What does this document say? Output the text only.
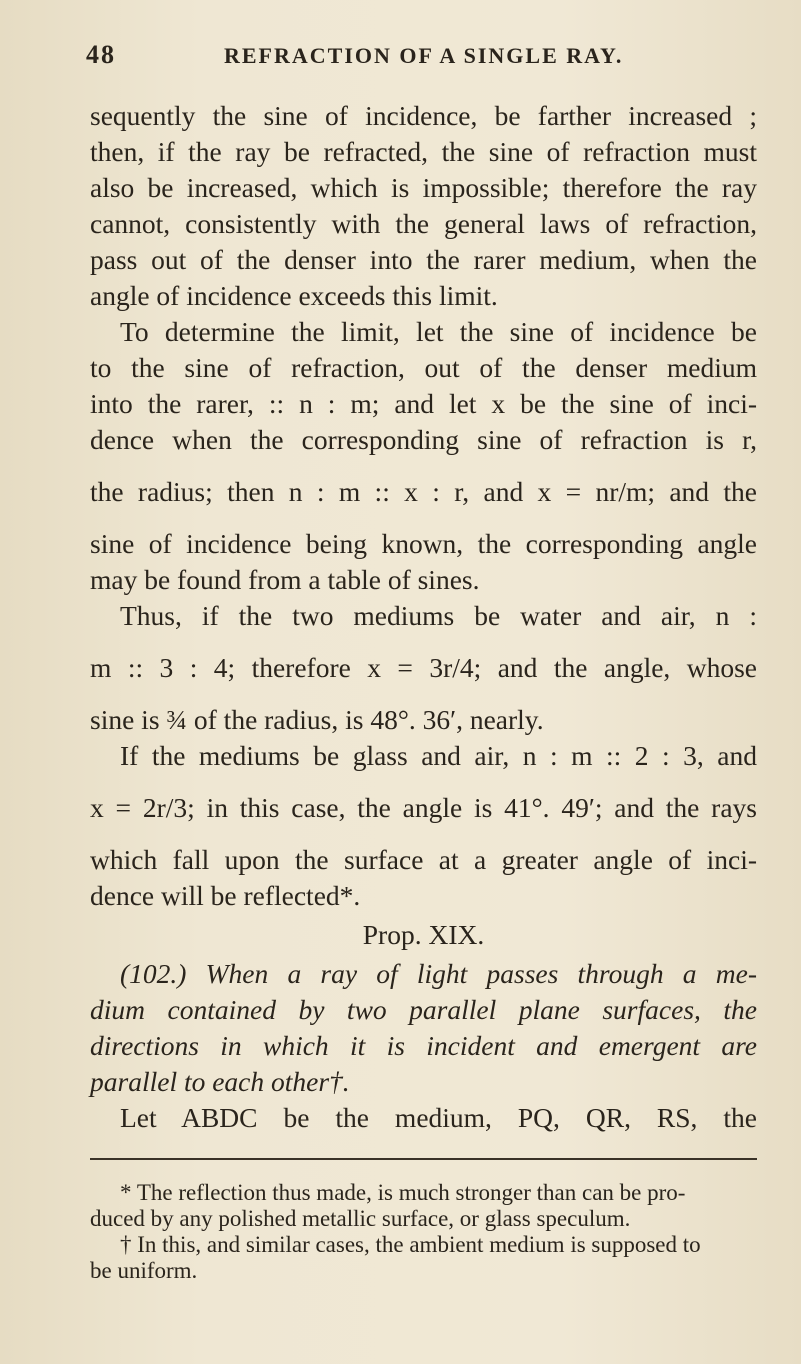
48	REFRACTION OF A SINGLE RAY.
sequently the sine of incidence, be farther increased ;
then, if the ray be refracted, the sine of refraction must
also be increased, which is impossible; therefore the ray
cannot, consistently with the general laws of refraction,
pass out of the denser into the rarer medium, when the
angle of incidence exceeds this limit.
To determine the limit, let the sine of incidence be
to the sine of refraction, out of the denser medium
into the rarer, :: n : m; and let x be the sine of inci-
dence when the corresponding sine of refraction is r,
the radius; then n : m :: x : r, and x = nr/m; and the
sine of incidence being known, the corresponding angle
may be found from a table of sines.
Thus, if the two mediums be water and air, n :
m :: 3 : 4; therefore x = 3r/4; and the angle, whose
sine is ¾ of the radius, is 48°. 36′, nearly.
If the mediums be glass and air, n : m :: 2 : 3, and
x = 2r/3; in this case, the angle is 41°. 49′; and the rays
which fall upon the surface at a greater angle of inci-
dence will be reflected*.
Prop. XIX.
(102.) When a ray of light passes through a me-
dium contained by two parallel plane surfaces, the
directions in which it is incident and emergent are
parallel to each other†.
Let ABDC be the medium, PQ, QR, RS, the
* The reflection thus made, is much stronger than can be pro-
duced by any polished metallic surface, or glass speculum.
† In this, and similar cases, the ambient medium is supposed to
be uniform.
